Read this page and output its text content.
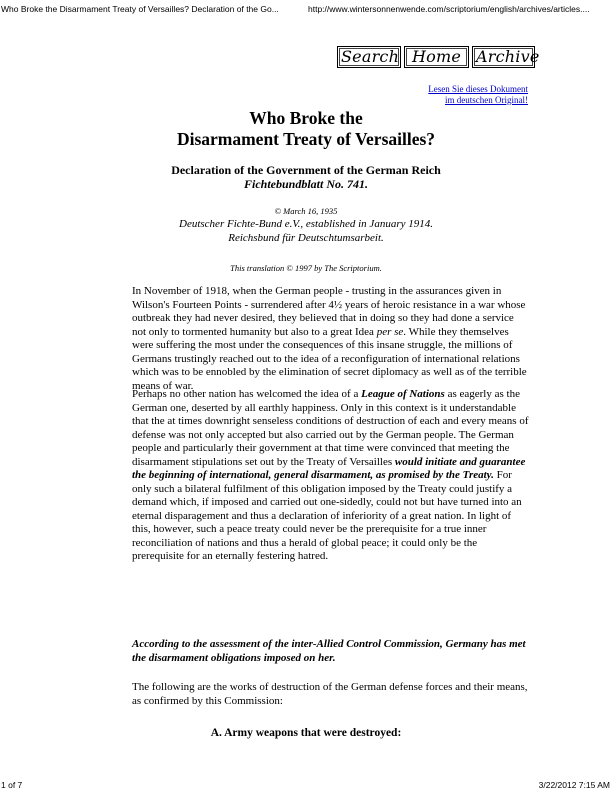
Who Broke the Disarmament Treaty of Versailles? Declaration of the Go...	http://www.wintersonnenwende.com/scriptorium/english/archives/articles....
Search Home Archive
Lesen Sie dieses Dokument
im deutschen Original!
Who Broke the
Disarmament Treaty of Versailles?
Declaration of the Government of the German Reich
Fichtebundblatt No. 741.
© March 16, 1935
Deutscher Fichte-Bund e.V., established in January 1914.
Reichsbund für Deutschtumsarbeit.
This translation © 1997 by The Scriptorium.
In November of 1918, when the German people - trusting in the assurances given in Wilson's Fourteen Points - surrendered after 4½ years of heroic resistance in a war whose outbreak they had never desired, they believed that in doing so they had done a service not only to tormented humanity but also to a great Idea per se. While they themselves were suffering the most under the consequences of this insane struggle, the millions of Germans trustingly reached out to the idea of a reconfiguration of international relations which was to be ennobled by the elimination of secret diplomacy as well as of the terrible means of war.
Perhaps no other nation has welcomed the idea of a League of Nations as eagerly as the German one, deserted by all earthly happiness. Only in this context is it understandable that the at times downright senseless conditions of destruction of each and every means of defense was not only accepted but also carried out by the German people. The German people and particularly their government at that time were convinced that meeting the disarmament stipulations set out by the Treaty of Versailles would initiate and guarantee the beginning of international, general disarmament, as promised by the Treaty. For only such a bilateral fulfilment of this obligation imposed by the Treaty could justify a demand which, if imposed and carried out one-sidedly, could not but have turned into an eternal disparagement and thus a declaration of inferiority of a great nation. In light of this, however, such a peace treaty could never be the prerequisite for a true inner reconciliation of nations and thus a herald of global peace; it could only be the prerequisite for an eternally festering hatred.
According to the assessment of the inter-Allied Control Commission, Germany has met the disarmament obligations imposed on her.
The following are the works of destruction of the German defense forces and their means, as confirmed by this Commission:
A. Army weapons that were destroyed:
1 of 7	3/22/2012 7:15 AM
